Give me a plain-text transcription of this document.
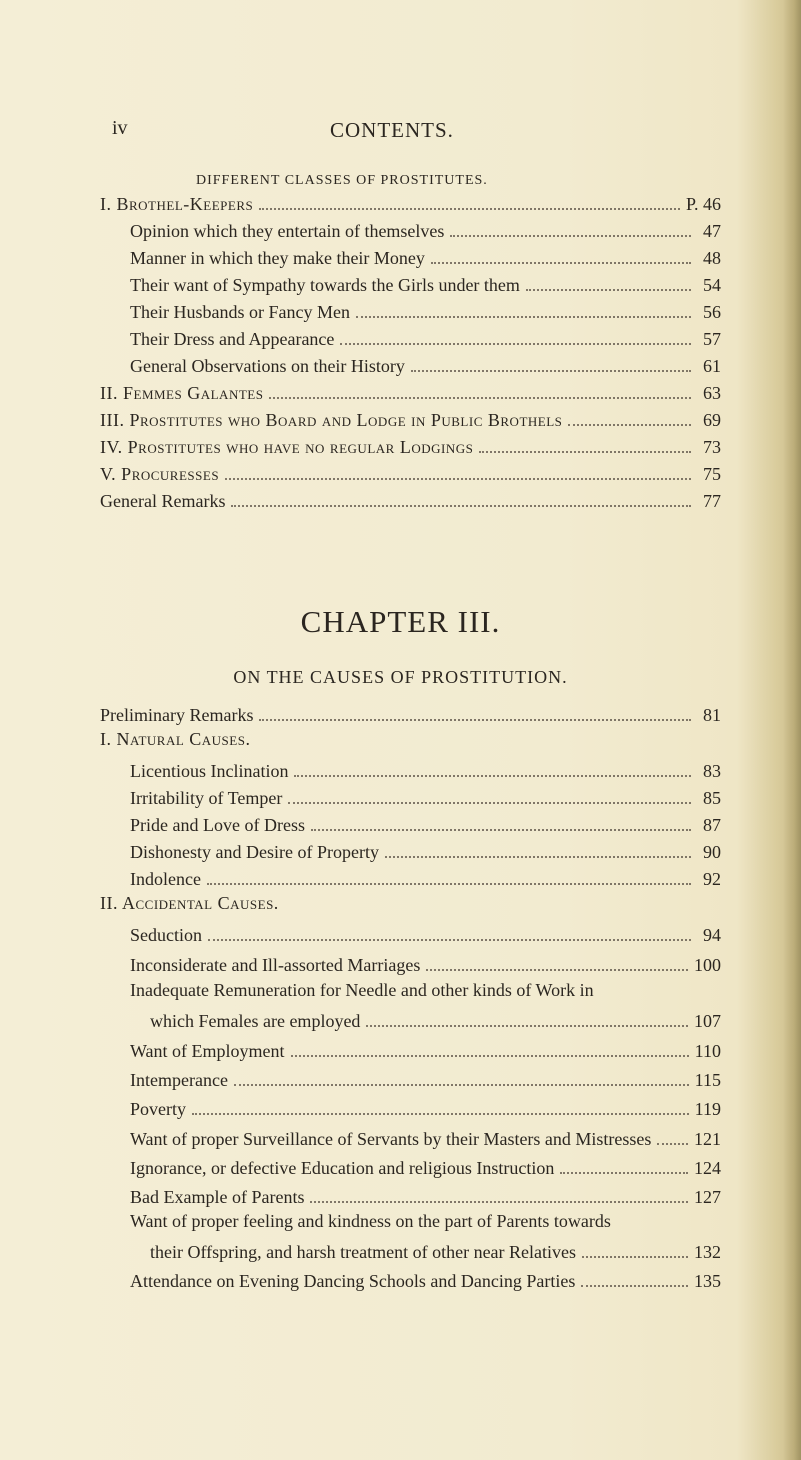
iv	CONTENTS.
DIFFERENT CLASSES OF PROSTITUTES.
I. Brothel-Keepers	P. 46
Opinion which they entertain of themselves	47
Manner in which they make their Money	48
Their want of Sympathy towards the Girls under them	54
Their Husbands or Fancy Men	56
Their Dress and Appearance	57
General Observations on their History	61
II. Femmes Galantes	63
III. Prostitutes who Board and Lodge in Public Brothels	69
IV. Prostitutes who have no regular Lodgings	73
V. Procuresses	75
General Remarks	77
CHAPTER III.
ON THE CAUSES OF PROSTITUTION.
Preliminary Remarks	81
I. Natural Causes.
Licentious Inclination	83
Irritability of Temper	85
Pride and Love of Dress	87
Dishonesty and Desire of Property	90
Indolence	92
II. Accidental Causes.
Seduction	94
Inconsiderate and Ill-assorted Marriages	100
Inadequate Remuneration for Needle and other kinds of Work in
which Females are employed	107
Want of Employment	110
Intemperance	115
Poverty	119
Want of proper Surveillance of Servants by their Masters and Mistresses 121
Ignorance, or defective Education and religious Instruction	124
Bad Example of Parents	127
Want of proper feeling and kindness on the part of Parents towards
their Offspring, and harsh treatment of other near Relatives	132
Attendance on Evening Dancing Schools and Dancing Parties	135
